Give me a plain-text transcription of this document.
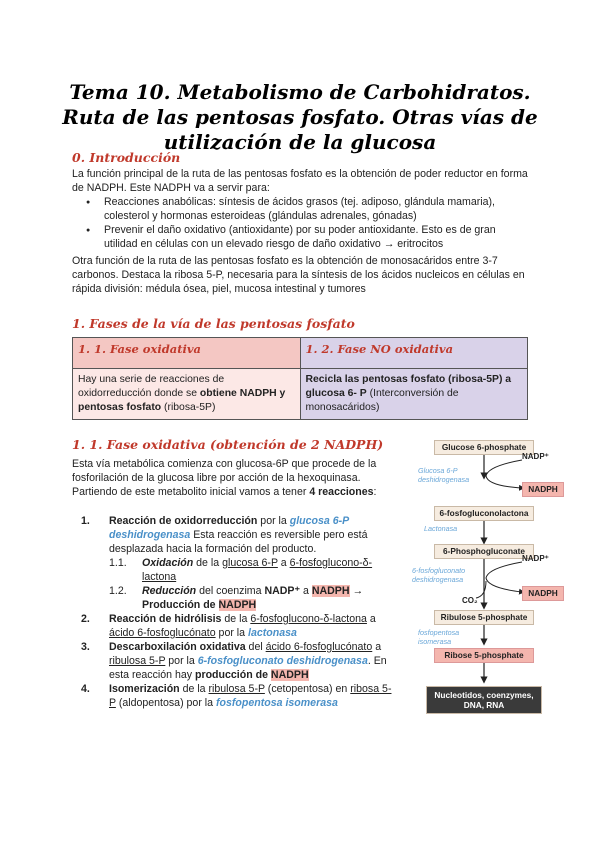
Tema 10. Metabolismo de Carbohidratos. Ruta de las pentosas fosfato. Otras vías de utilización de la glucosa
0. Introducción

La función principal de la ruta de las pentosas fosfato es la obtención de poder reductor en forma de NADPH. Este NADPH va a servir para:

● Reacciones anabólicas: síntesis de ácidos grasos (tej. adiposo, glándula mamaria), colesterol y hormonas esteroideas (glándulas adrenales, gónadas)
● Prevenir el daño oxidativo (antioxidante) por su poder antioxidante. Esto es de gran utilidad en células con un elevado riesgo de daño oxidativo → eritrocitos

Otra función de la ruta de las pentosas fosfato es la obtención de monosacáridos entre 3-7 carbonos. Destaca la ribosa 5-P, necesaria para la síntesis de los ácidos nucleicos en células en rápida división: médula ósea, piel, mucosa intestinal y tumores

1. Fases de la vía de las pentosas fosfato
1. 1. Fase oxidativa	1. 2. Fase NO oxidativa
Hay una serie de reacciones de oxidorreducción donde se obtiene NADPH y pentosas fosfato (ribosa-5P)	Recicla las pentosas fosfato (ribosa-5P) a glucosa 6- P (Interconversión de monosacáridos)
1. 1. Fase oxidativa (obtención de 2 NADPH)

Esta vía metabólica comienza con glucosa-6P que procede de la fosforilación de la glucosa libre por acción de la hexoquinasa. Partiendo de este metabolito inicial vamos a tener 4 reacciones:

1. Reacción de oxidorreducción por la glucosa 6-P deshidrogenasa Esta reacción es reversible pero está desplazada hacia la formación del producto.
1.1. Oxidación de la glucosa 6-P a 6-fosfoglucono-δ-lactona
1.2. Reducción del coenzima NADP⁺ a NADPH → Producción de NADPH
2. Reacción de hidrólisis de la 6-fosfoglucono-δ-lactona a ácido 6-fosfoglucónato por la lactonasa
3. Descarboxilación oxidativa del ácido 6-fosfoglucónato a ribulosa 5-P por la 6-fosfogluconato deshidrogenasa. En esta reacción hay producción de NADPH
4. Isomerización de la ribulosa 5-P (cetopentosa) en ribosa 5-P (aldopentosa) por la fosfopentosa isomerasa
Glucose 6-phosphate
Glucosa 6-P deshidrogenasa
NADP⁺
NADPH
6-fosfogluconolactona
Lactonasa
6-Phosphogluconate
6-fosfogluconato deshidrogenasa
NADP⁺
CO₂
NADPH
Ribulose 5-phosphate
fosfopentosa isomerasa
Ribose 5-phosphate
Nucleotidos, coenzymes, DNA, RNA
